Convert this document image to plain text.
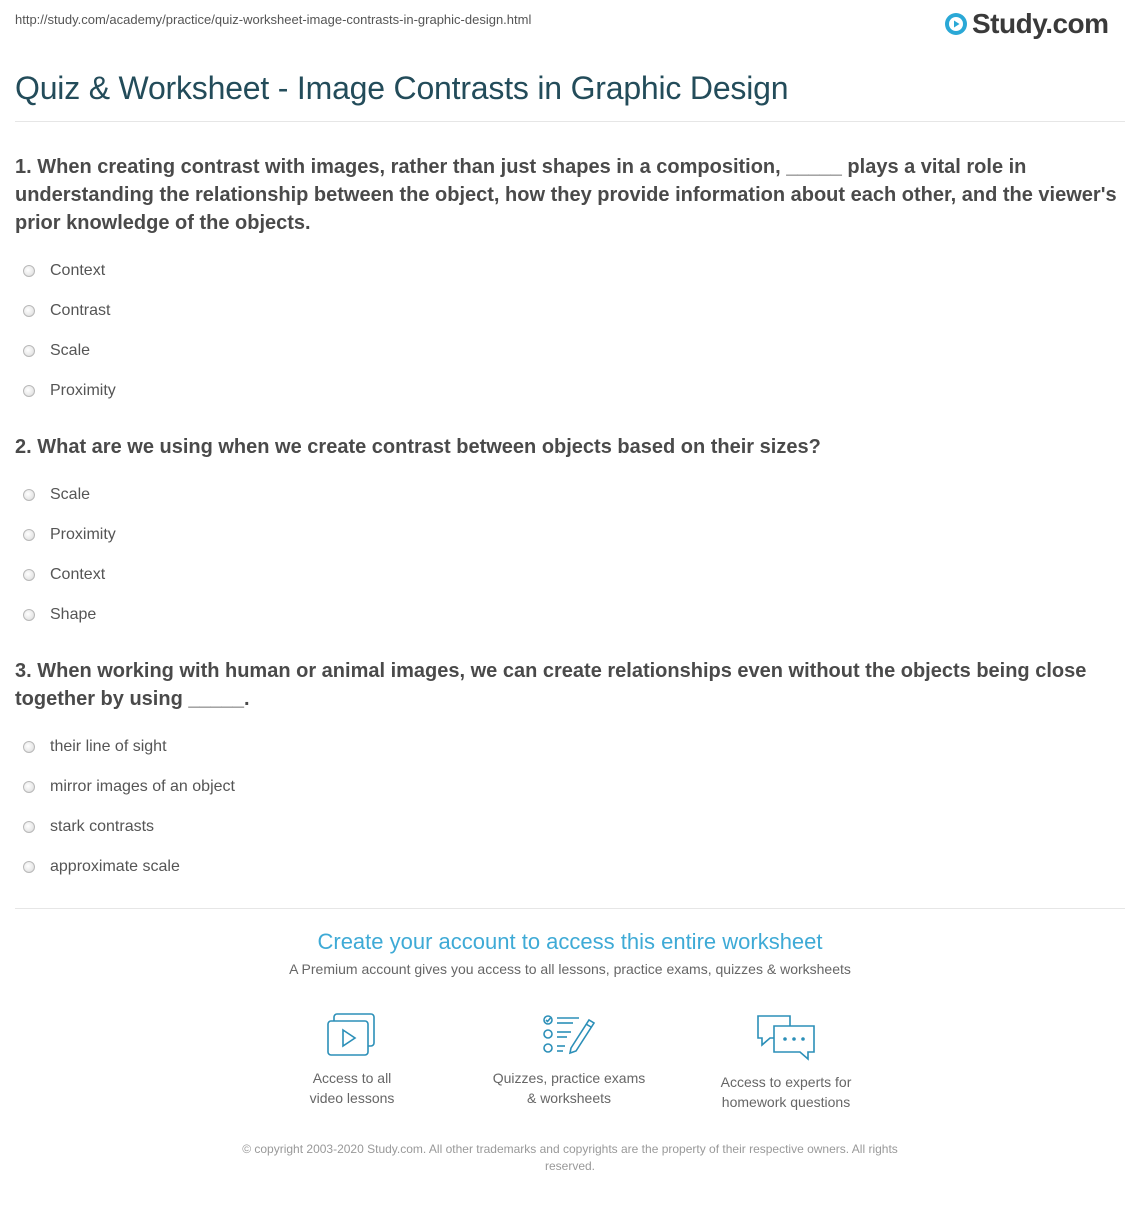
http://study.com/academy/practice/quiz-worksheet-image-contrasts-in-graphic-design.html	Study.com
Quiz & Worksheet - Image Contrasts in Graphic Design

1. When creating contrast with images, rather than just shapes in a composition, _____ plays a vital role in understanding the relationship between the object, how they provide information about each other, and the viewer's prior knowledge of the objects.

Context
Contrast
Scale
Proximity

2. What are we using when we create contrast between objects based on their sizes?

Scale
Proximity
Context
Shape

3. When working with human or animal images, we can create relationships even without the objects being close together by using _____.

their line of sight
mirror images of an object
stark contrasts
approximate scale
Create your account to access this entire worksheet
A Premium account gives you access to all lessons, practice exams, quizzes & worksheets
Access to all
video lessons
Quizzes, practice exams
& worksheets
Access to experts for
homework questions
© copyright 2003-2020 Study.com. All other trademarks and copyrights are the property of their respective owners. All rights reserved.
